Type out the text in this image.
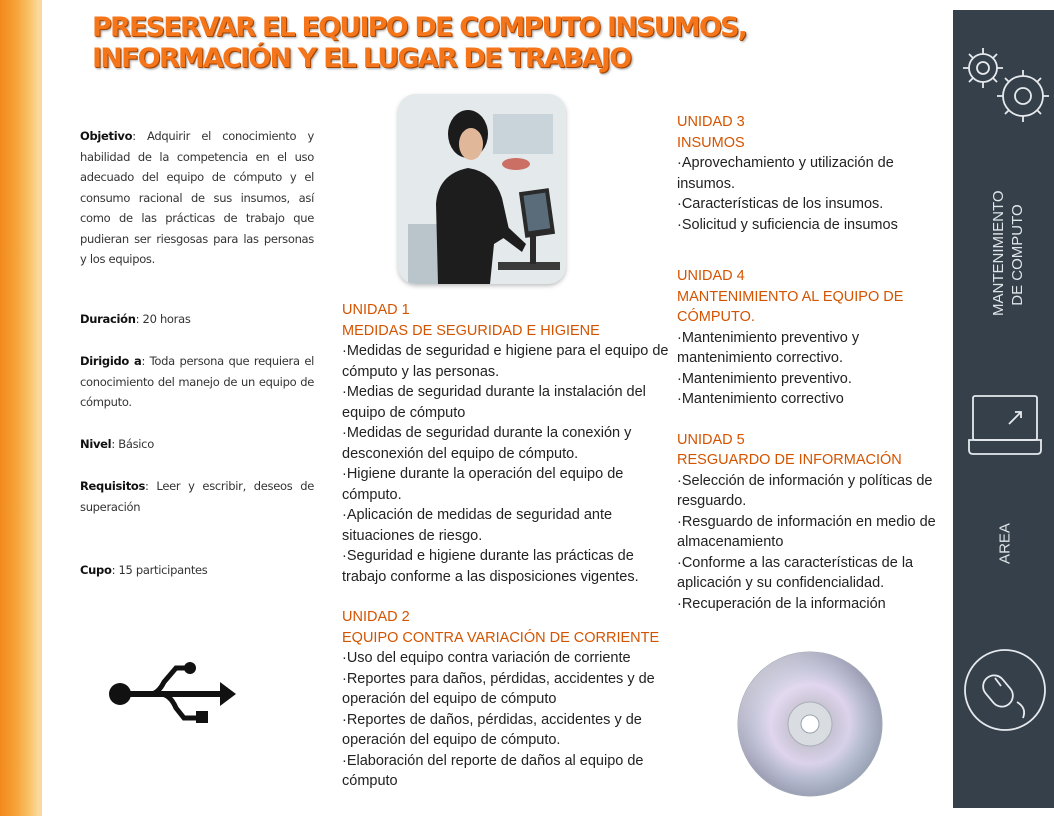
PRESERVAR EL EQUIPO DE COMPUTO INSUMOS, INFORMACIÓN Y EL LUGAR DE TRABAJO
Objetivo: Adquirir el conocimiento y habilidad de la competencia en el uso adecuado del equipo de cómputo y el consumo racional de sus insumos, así como de las prácticas de trabajo que pudieran ser riesgosas para las personas y los equipos.
Duración: 20 horas
Dirigido a: Toda persona que requiera el conocimiento del manejo de un equipo de cómputo.
Nivel: Básico
Requisitos: Leer y escribir, deseos de superación
Cupo: 15 participantes

UNIDAD 1

MEDIDAS DE SEGURIDAD E HIGIENE

·Medidas de seguridad e higiene para el equipo de cómputo y las personas.

·Medias de seguridad durante la instalación del equipo de cómputo

·Medidas de seguridad durante la conexión y desconexión del equipo de cómputo.

·Higiene durante la operación del equipo de cómputo.

·Aplicación de medidas de seguridad ante situaciones de riesgo.

·Seguridad e higiene durante las prácticas de trabajo conforme a las disposiciones vigentes.

UNIDAD 2

EQUIPO CONTRA VARIACIÓN DE CORRIENTE

·Uso del equipo contra variación de corriente

·Reportes para daños, pérdidas, accidentes y de operación del equipo de cómputo

·Reportes de daños, pérdidas, accidentes y de operación del equipo de cómputo.

·Elaboración del reporte de daños al equipo de cómputo

UNIDAD 3

INSUMOS

·Aprovechamiento y utilización de insumos.

·Características de los insumos.

·Solicitud y suficiencia de insumos

UNIDAD 4

MANTENIMIENTO AL EQUIPO DE CÓMPUTO.

·Mantenimiento preventivo y mantenimiento correctivo.

·Mantenimiento preventivo.

·Mantenimiento correctivo

UNIDAD 5

RESGUARDO DE INFORMACIÓN

·Selección de información y políticas de resguardo.

·Resguardo de información en medio de almacenamiento

·Conforme a las características de la aplicación y su confidencialidad.

·Recuperación de la información

MANTENIMIENTO DE COMPUTO
AREA
